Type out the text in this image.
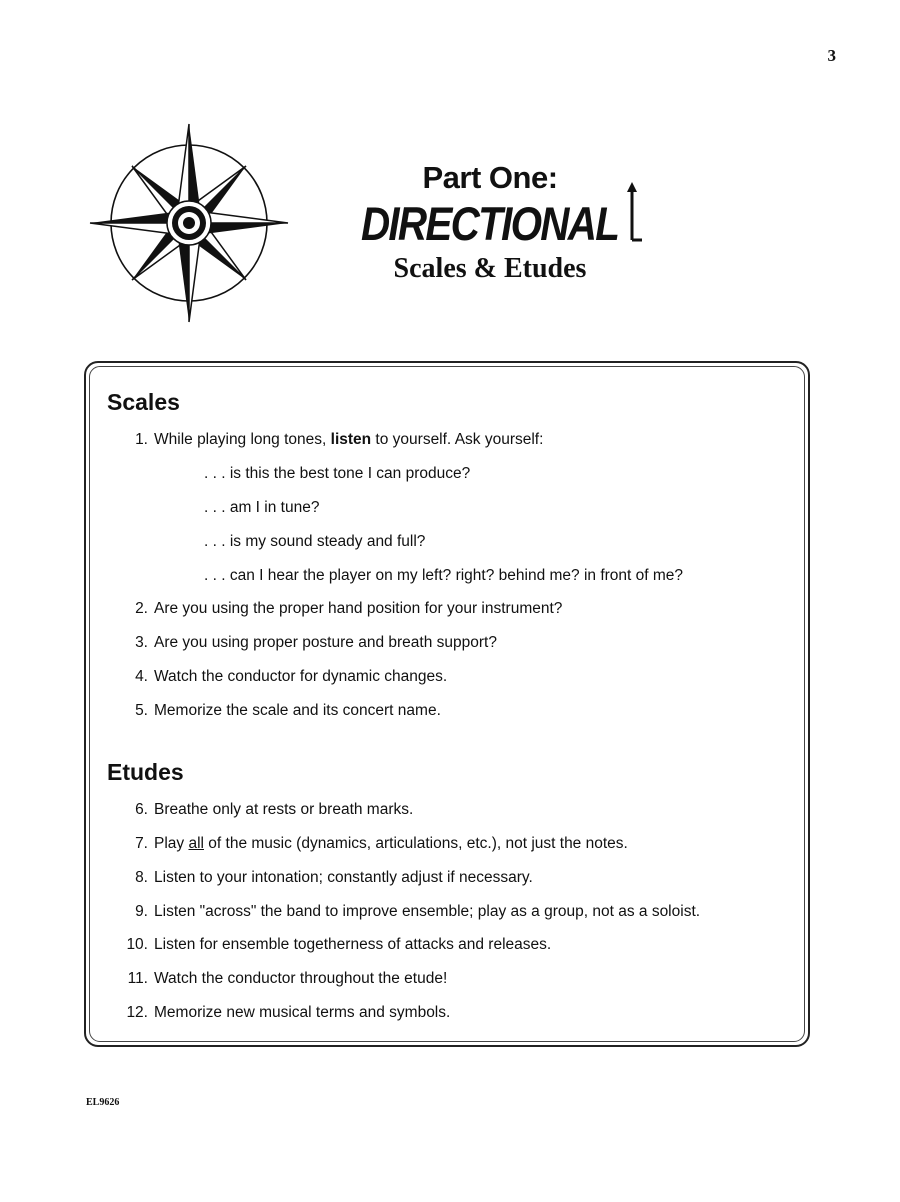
3
Part One:
DIRECTIONAL
Scales & Etudes
Scales
1. While playing long tones, listen to yourself. Ask yourself:
. . . is this the best tone I can produce?
. . . am I in tune?
. . . is my sound steady and full?
. . . can I hear the player on my left? right? behind me? in front of me?
2. Are you using the proper hand position for your instrument?
3. Are you using proper posture and breath support?
4. Watch the conductor for dynamic changes.
5. Memorize the scale and its concert name.
Etudes
6. Breathe only at rests or breath marks.
7. Play all of the music (dynamics, articulations, etc.), not just the notes.
8. Listen to your intonation; constantly adjust if necessary.
9. Listen "across" the band to improve ensemble; play as a group, not as a soloist.
10. Listen for ensemble togetherness of attacks and releases.
11. Watch the conductor throughout the etude!
12. Memorize new musical terms and symbols.
EL9626
